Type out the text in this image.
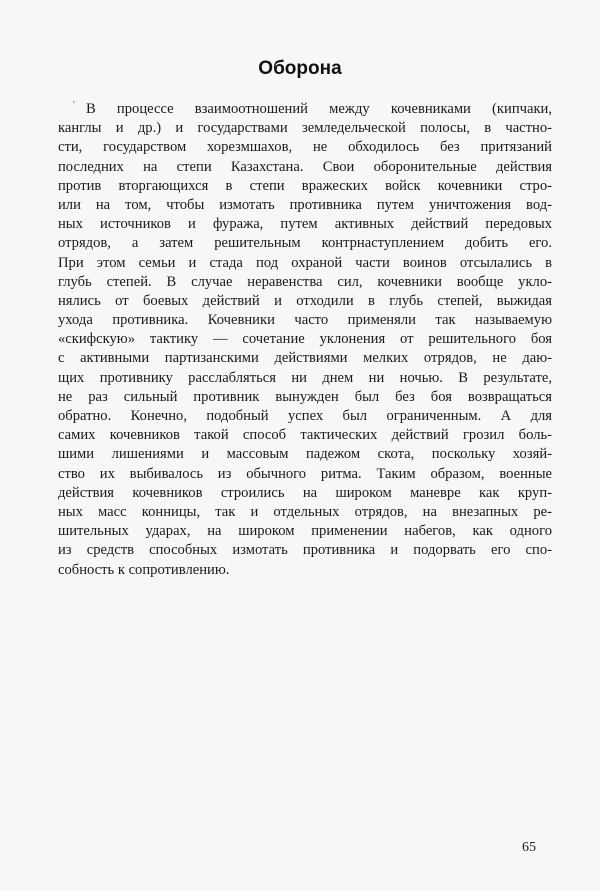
Оборона
' В процессе взаимоотношений между кочевниками (кипчаки,
канглы и др.) и государствами земледельческой полосы, в частно-
сти, государством хорезмшахов, не обходилось без притязаний
последних на степи Казахстана. Свои оборонительные действия
против вторгающихся в степи вражеских войск кочевники стро-
или на том, чтобы измотать противника путем уничтожения вод-
ных источников и фуража, путем активных действий передовых
отрядов, а затем решительным контрнаступлением добить его.
При этом семьи и стада под охраной части воинов отсылались в
глубь степей. В случае неравенства сил, кочевники вообще укло-
нялись от боевых действий и отходили в глубь степей, выжидая
ухода противника. Кочевники часто применяли так называемую
«скифскую» тактику — сочетание уклонения от решительного боя
с активными партизанскими действиями мелких отрядов, не даю-
щих противнику расслабляться ни днем ни ночью. В результате,
не раз сильный противник вынужден был без боя возвращаться
обратно. Конечно, подобный успех был ограниченным. А для
самих кочевников такой способ тактических действий грозил боль-
шими лишениями и массовым падежом скота, поскольку хозяй-
ство их выбивалось из обычного ритма. Таким образом, военные
действия кочевников строились на широком маневре как круп-
ных масс конницы, так и отдельных отрядов, на внезапных ре-
шительных ударах, на широком применении набегов, как одного
из средств способных измотать противника и подорвать его спо-
собность к сопротивлению.
65
